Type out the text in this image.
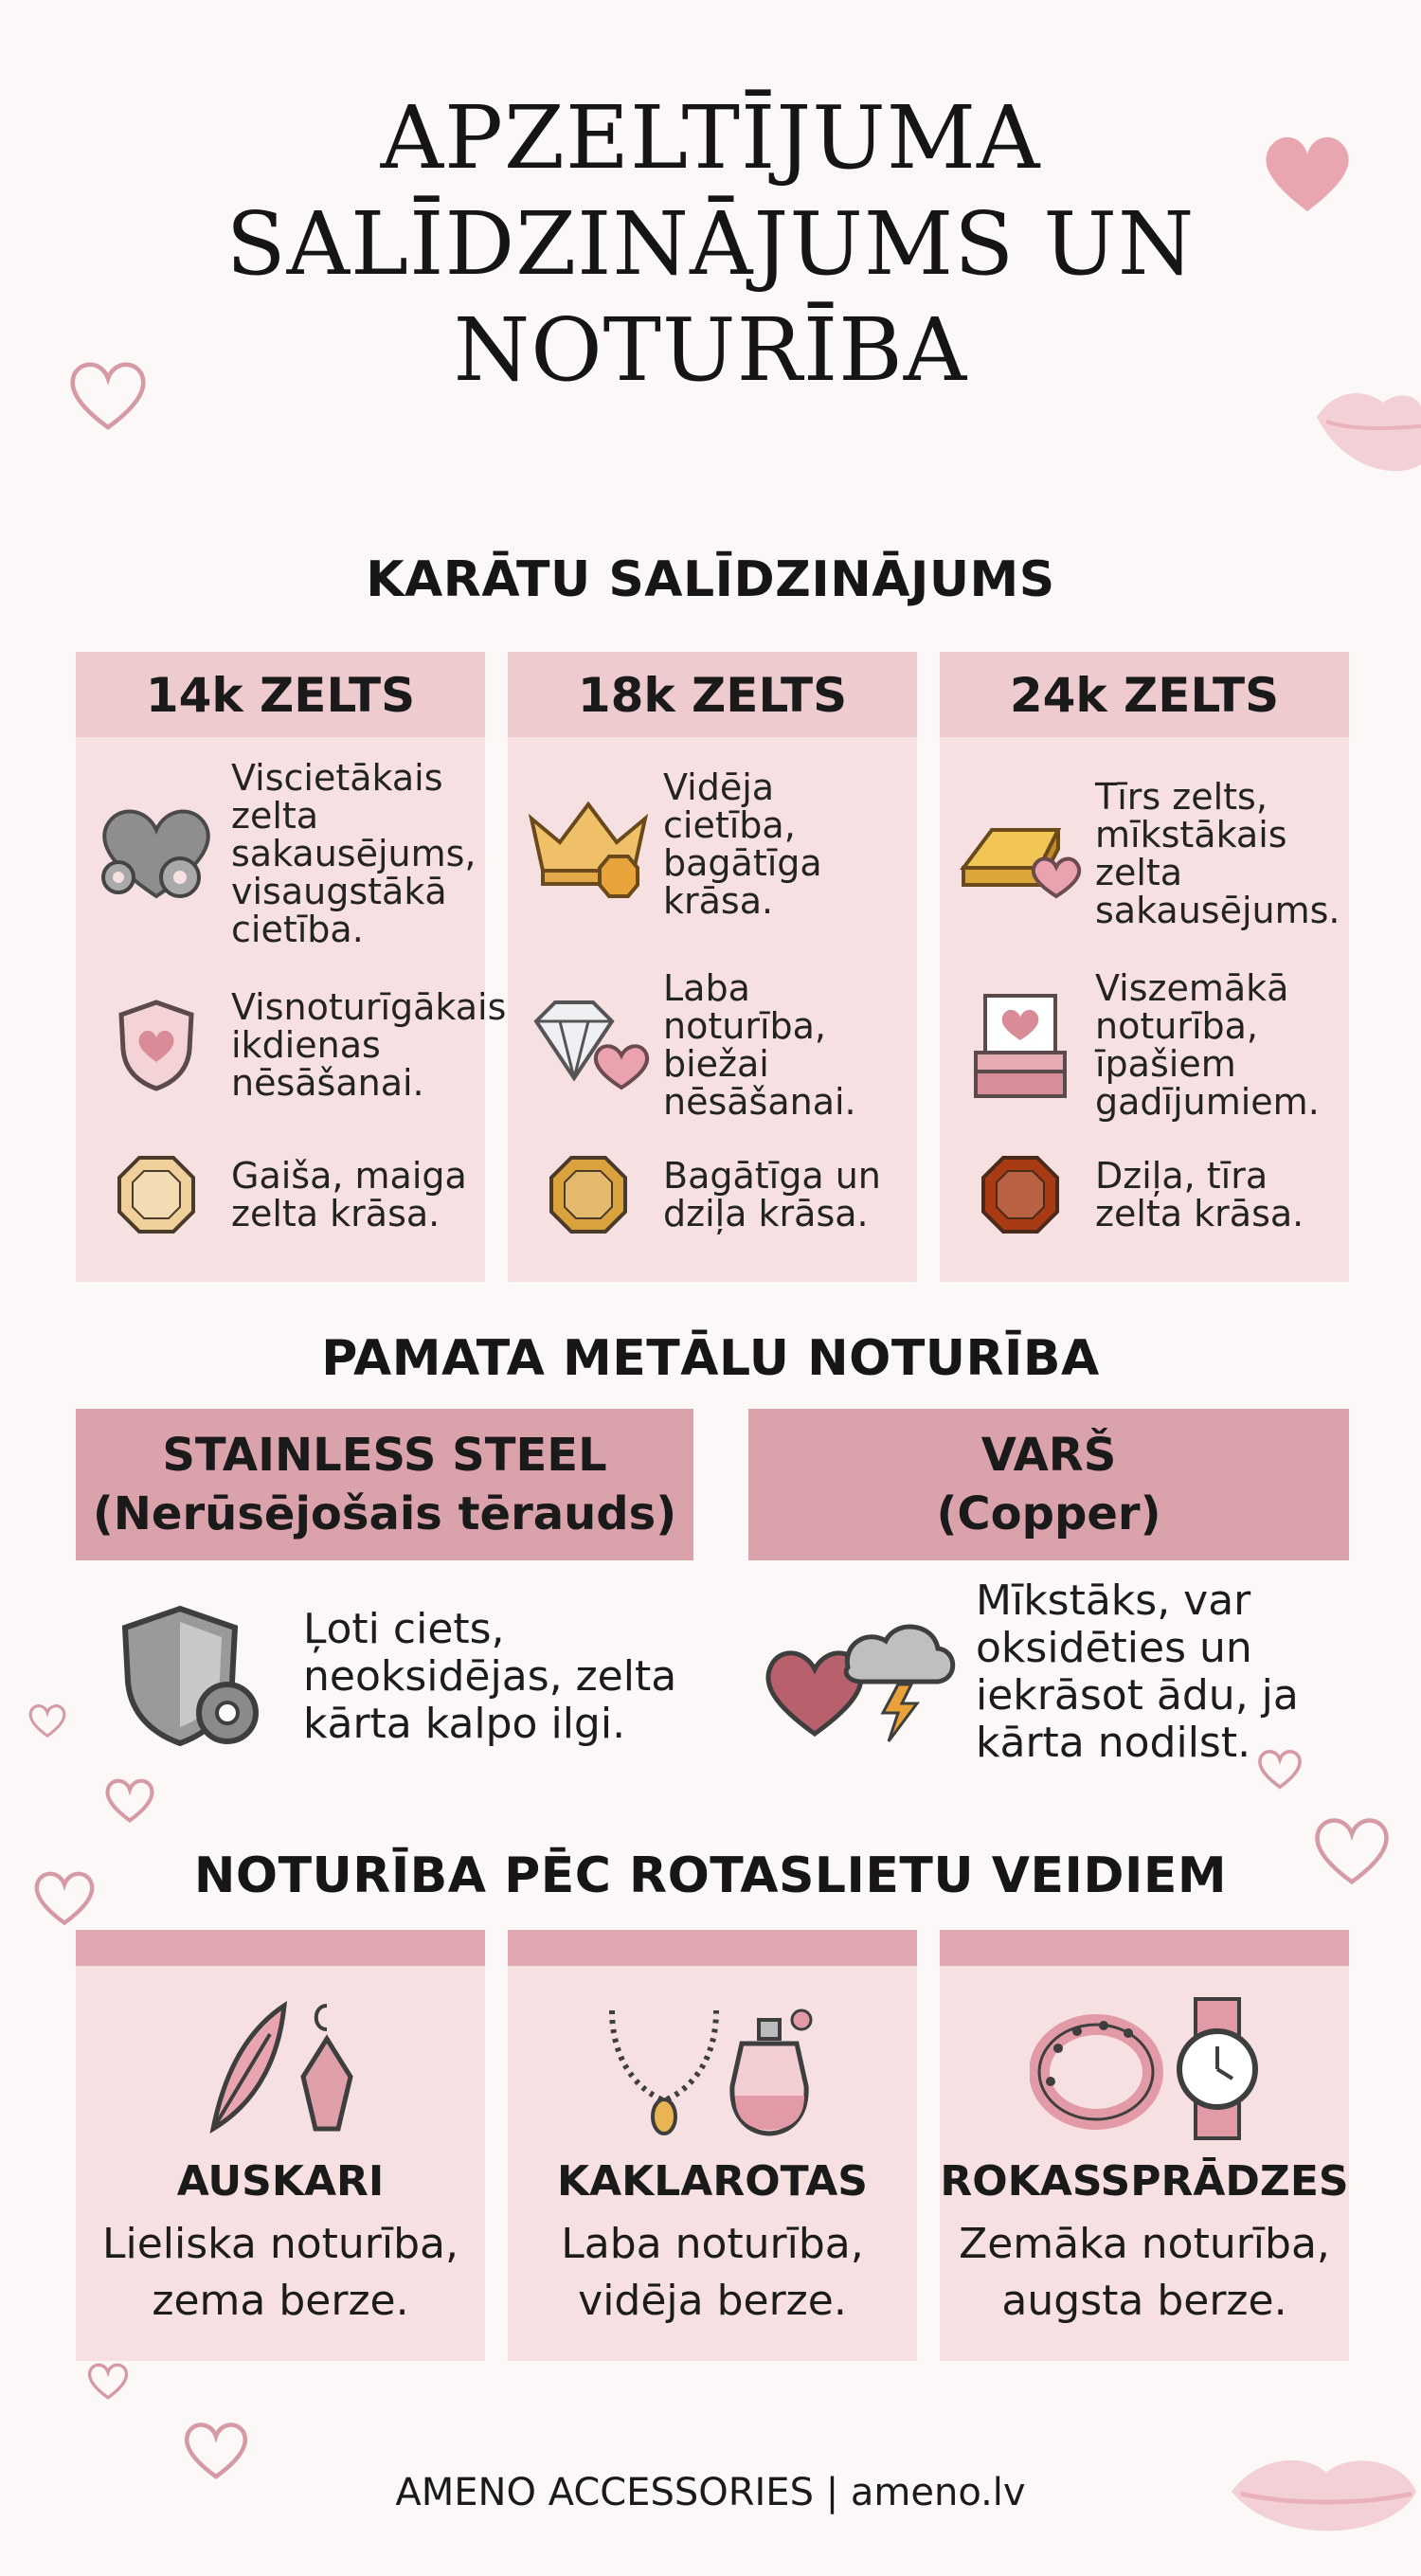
APZELTĪJUMA
SALĪDZINĀJUMS UN
NOTURĪBA
KARĀTU SALĪDZINĀJUMS
14k ZELTS
Viscietākais zelta sakausējums, visaugstākā cietība.
Visnoturīgākais ikdienas nēsāšanai.
Gaiša, maiga zelta krāsa.
18k ZELTS
Vidēja cietība, bagātīga krāsa.
Laba noturība, biežai nēsāšanai.
Bagātīga un dziļa krāsa.
24k ZELTS
Tīrs zelts, mīkstākais zelta sakausējums.
Viszemākā noturība, īpašiem gadījumiem.
Dziļa, tīra zelta krāsa.
PAMATA METĀLU NOTURĪBA
STAINLESS STEEL
(Nerūsējošais tērauds)
VARŠ
(Copper)
Ļoti ciets, neoksidējas, zelta kārta kalpo ilgi.
Mīkstāks, var oksidēties un iekrāsot ādu, ja kārta nodilst.
NOTURĪBA PĒC ROTASLIETU VEIDIEM
AUSKARI
Lieliska noturība,
zema berze.
KAKLAROTAS
Laba noturība,
vidēja berze.
ROKASSPRĀDZES
Zemāka noturība,
augsta berze.
AMENO ACCESSORIES | ameno.lv
